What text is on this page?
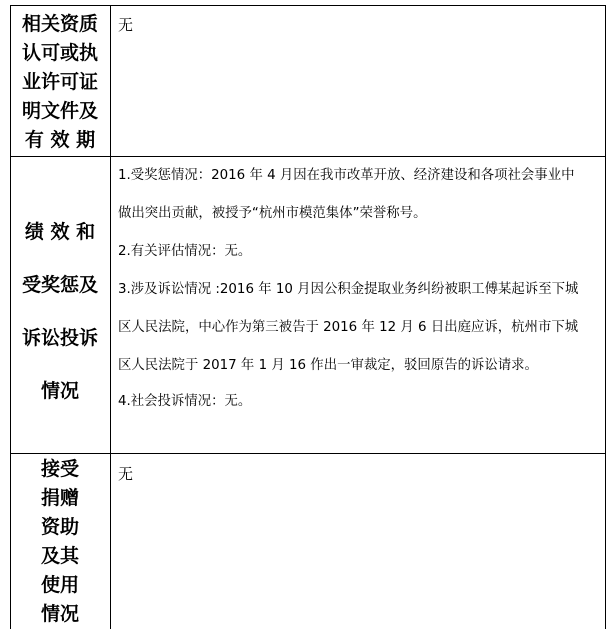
相关资质
认可或执
业许可证
明文件及
有 效 期
无
绩 效 和
受奖惩及
诉讼投诉
情况
1.受奖惩情况：2016 年 4 月因在我市改革开放、经济建设和各项社会事业中
做出突出贡献，被授予“杭州市模范集体”荣誉称号。
2.有关评估情况：无。
3.涉及诉讼情况 :2016 年 10 月因公积金提取业务纠纷被职工傅某起诉至下城
区人民法院，中心作为第三被告于 2016 年 12 月 6 日出庭应诉，杭州市下城
区人民法院于 2017 年 1 月 16 作出一审裁定，驳回原告的诉讼请求。
4.社会投诉情况：无。
接受
捐赠
资助
及其
使用
情况
无
